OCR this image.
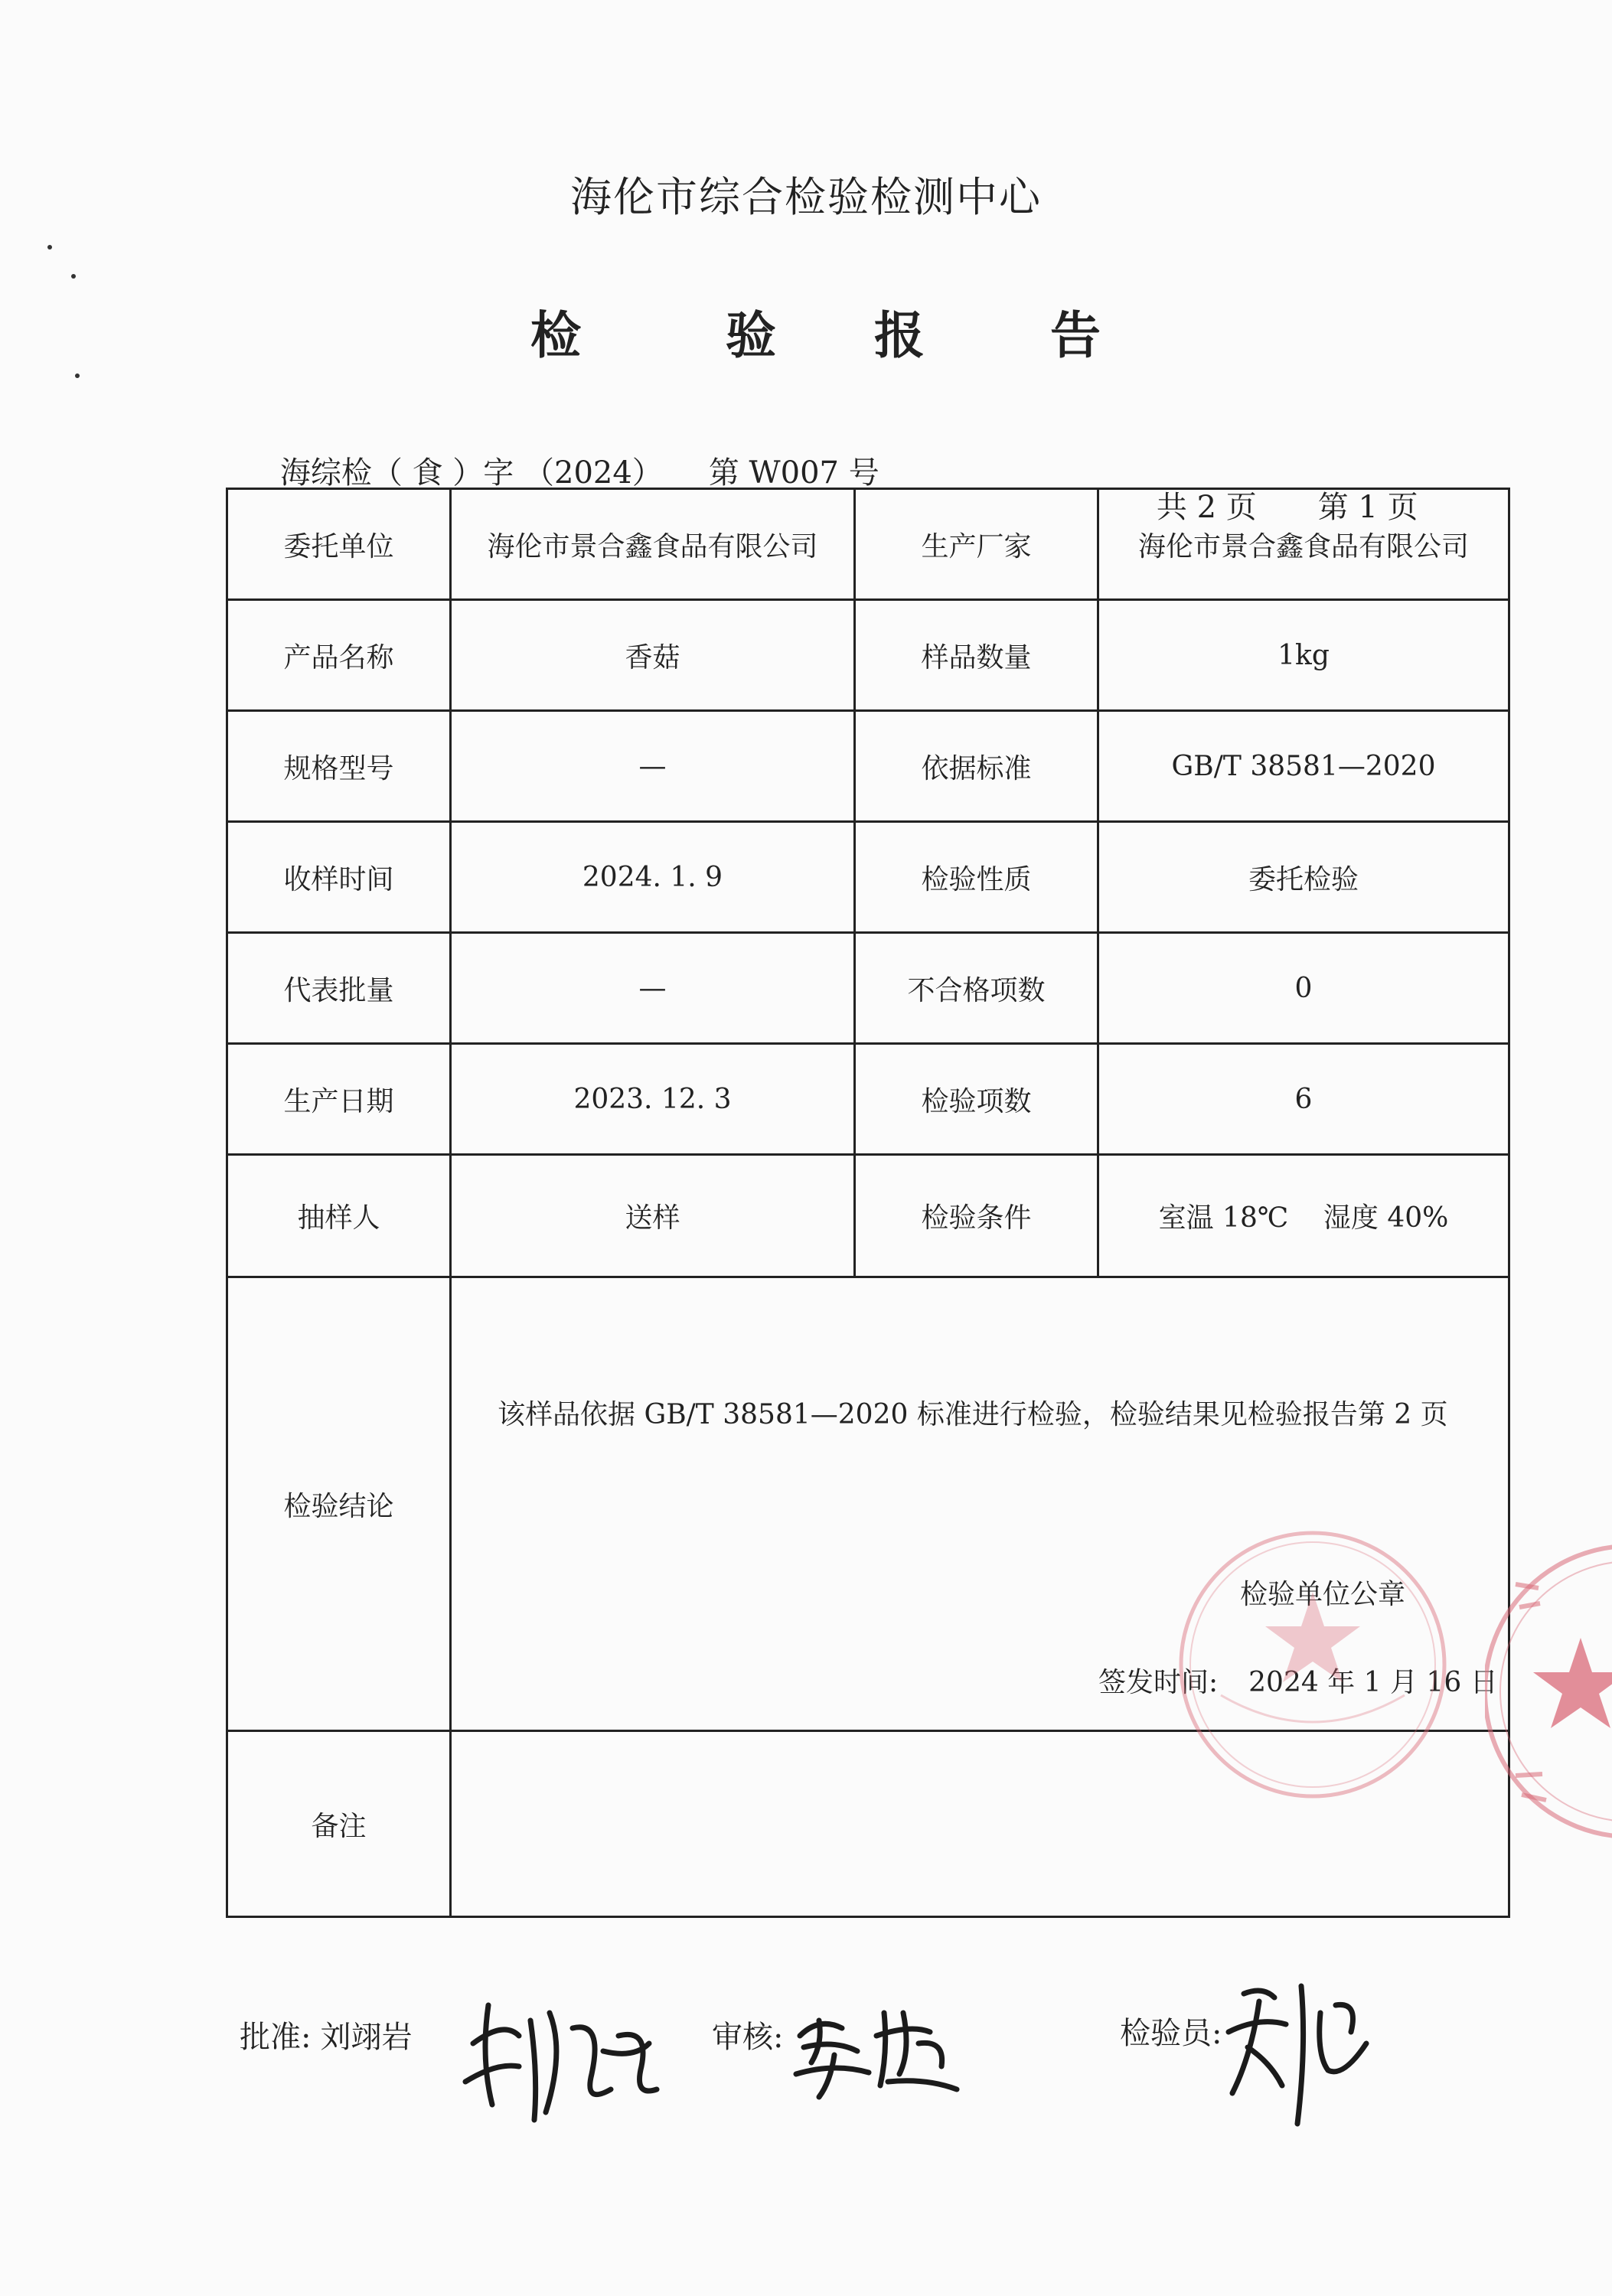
海伦市综合检验检测中心
检	验 报 告

海综检（ 食 ）字 （2024） 第 W007 号

共 2 页 第 1 页

委托单位	海伦市景合鑫食品有限公司	生产厂家	海伦市景合鑫食品有限公司
产品名称	香菇	样品数量	1kg
规格型号	—	依据标准	GB/T 38581—2020
收样时间	2024. 1. 9	检验性质	委托检验
代表批量	—	不合格项数	0
生产日期	2023. 12. 3	检验项数	6
抽样人	送样	检验条件	室温 18℃    湿度 40%
检验结论	该样品依据 GB/T 38581—2020 标准进行检验，检验结果见检验报告第 2 页
检验单位公章
签发时间: 2024 年 1 月 16 日		

备注			
批准: 刘翊岩	审核:	检验员:
